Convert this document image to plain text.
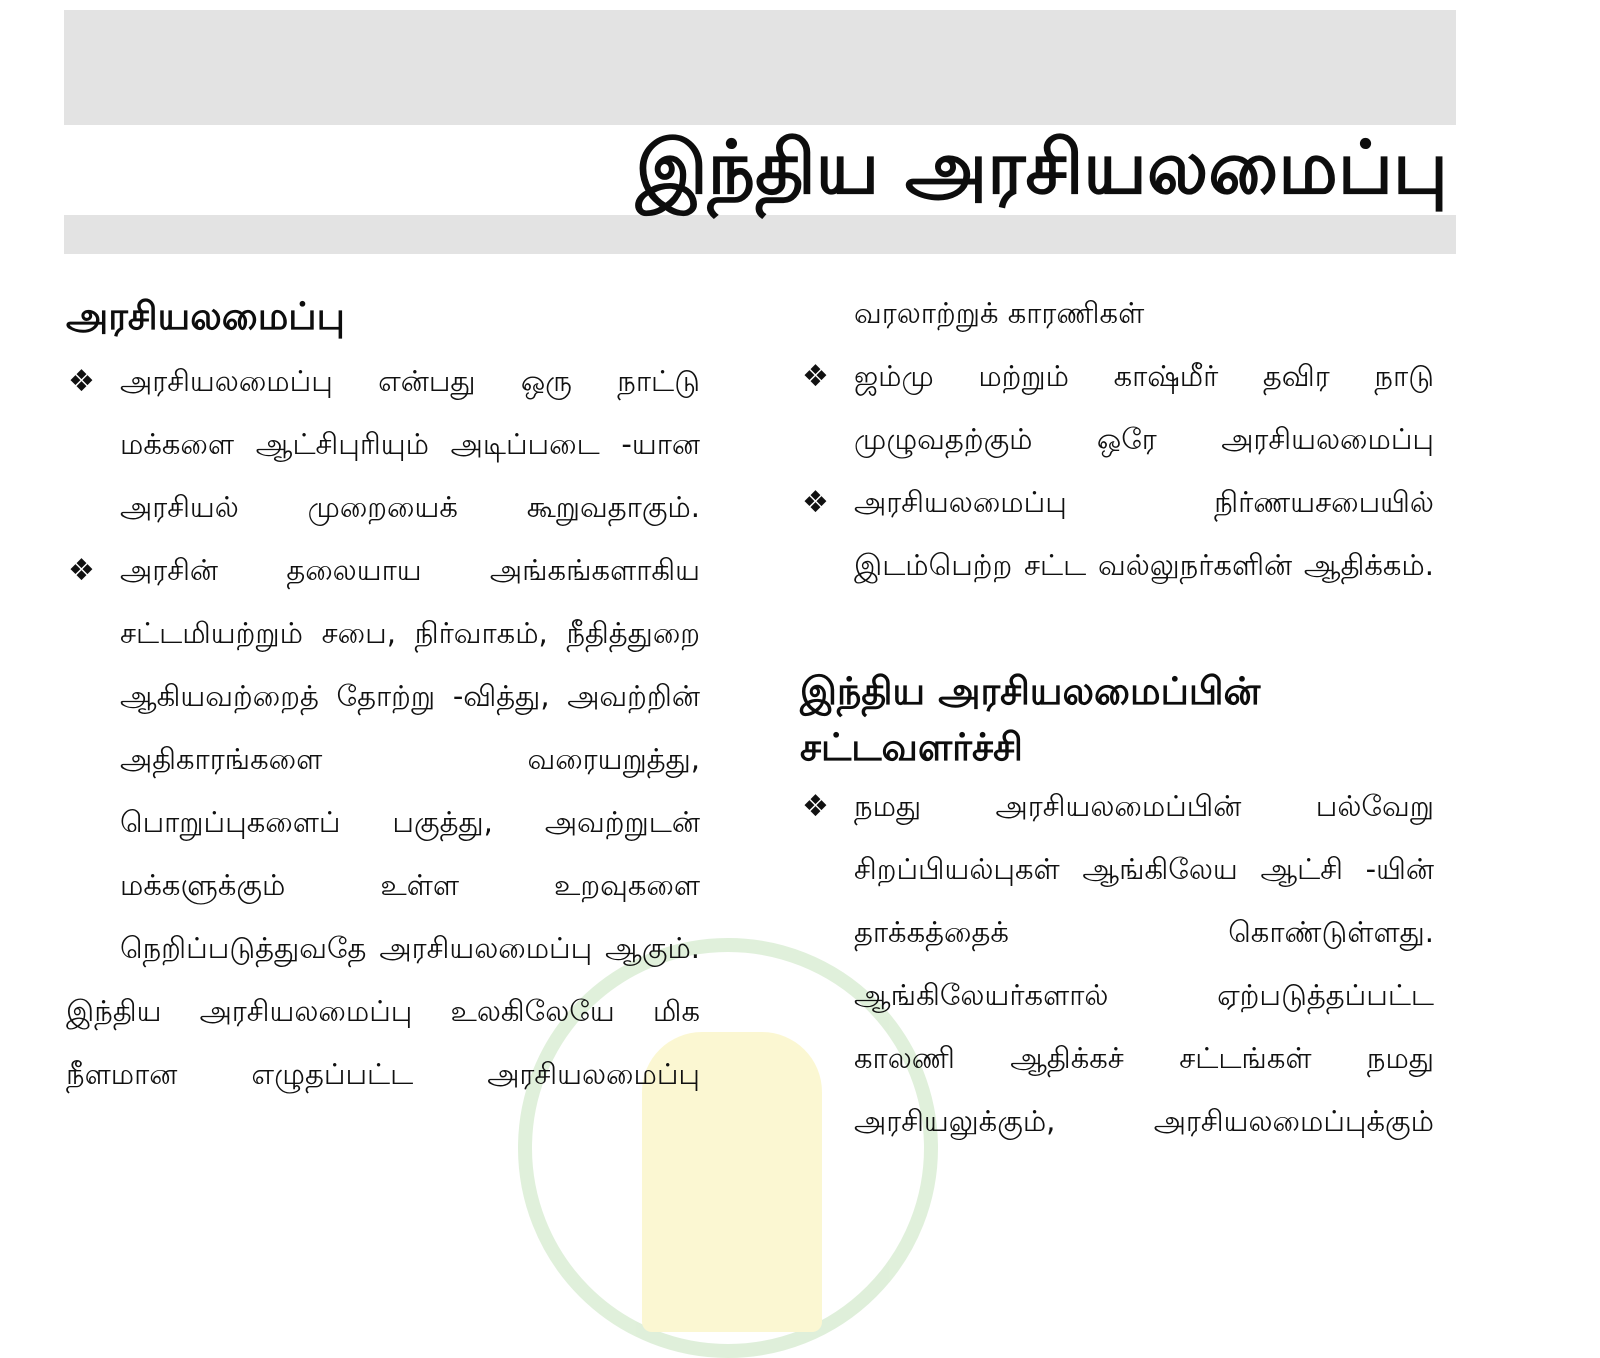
இந்திய அரசியலமைப்பு

அரசியலமைப்பு

❖ அரசியலமைப்பு என்பது ஒரு நாட்டு மக்களை ஆட்சிபுரியும் அடிப்படை -யான அரசியல் முறையைக் கூறுவதாகும்.

❖ அரசின் தலையாய அங்கங்களாகிய சட்டமியற்றும் சபை, நிர்வாகம், நீதித்துறை ஆகியவற்றைத் தோற்று -வித்து, அவற்றின் அதிகாரங்களை வரையறுத்து, பொறுப்புகளைப் பகுத்து, அவற்றுடன் மக்களுக்கும் உள்ள உறவுகளை நெறிப்படுத்துவதே அரசியலமைப்பு ஆகும்.

இந்திய அரசியலமைப்பு உலகிலேயே மிக நீளமான எழுதப்பட்ட அரசியலமைப்பு

வரலாற்றுக் காரணிகள்

❖ ஜம்மு மற்றும் காஷ்மீர் தவிர நாடு முழுவதற்கும் ஒரே அரசியலமைப்பு

❖ அரசியலமைப்பு நிர்ணயசபையில் இடம்பெற்ற சட்ட வல்லுநர்களின் ஆதிக்கம்.

இந்திய அரசியலமைப்பின்

சட்டவளர்ச்சி

❖ நமது அரசியலமைப்பின் பல்வேறு சிறப்பியல்புகள் ஆங்கிலேய ஆட்சி -யின் தாக்கத்தைக் கொண்டுள்ளது. ஆங்கிலேயர்களால் ஏற்படுத்தப்பட்ட காலணி ஆதிக்கச் சட்டங்கள் நமது அரசியலுக்கும், அரசியலமைப்புக்கும்
